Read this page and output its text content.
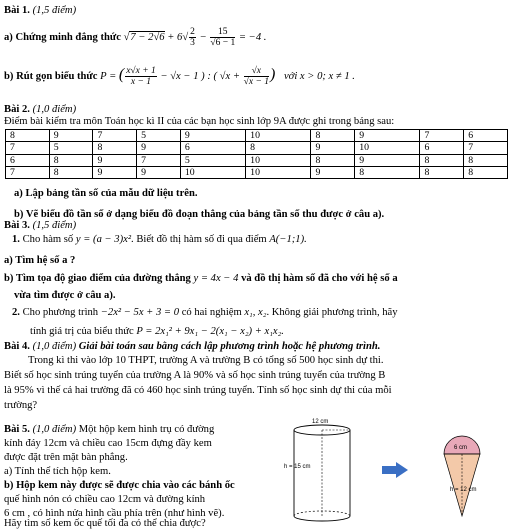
Bài 1. (1,5 điểm)
a) Chứng minh đẳng thức $√7 - 2√6 + 6√ \frac{2}{3} - \frac{15}{√6 - 1} = -4$ .
b) Rút gọn biểu thức P = ( $\frac{x√x + 1}{x - 1} - √x - 1$ ) : ( $√x + \frac{√x}{√x - 1}$ ) với x > 0; x ≠ 1 .
Bài 2. (1,0 điểm)
Điểm bài kiểm tra môn Toán học kì II của các bạn học sinh lớp 9A được ghi trong bảng sau:
8	9	7	5	9	10	8	9	7	6
7	5	8	9	6	8	9	10	6	7
6	8	9	7	5	10	8	9	8	8
7	8	9	9	10	10	9	8	8	8
a) Lập bảng tần số của mẫu dữ liệu trên.
b) Vẽ biểu đồ tần số ở dạng biểu đồ đoạn thẳng của bảng tần số thu được ở câu a).
Bài 3. (1,5 điểm)
1. Cho hàm số y = (a − 3)x². Biết đồ thị hàm số đi qua điểm A(−1;1).
a) Tìm hệ số a ?
b) Tìm tọa độ giao điểm của đường thẳng y = 4x − 4 và đồ thị hàm số đã cho với hệ số a
vừa tìm được ở câu a).
2. Cho phương trình −2x² − 5x + 3 = 0 có hai nghiệm x₁, x₂. Không giải phương trình, hãy
tính giá trị của biểu thức P = 2x₁² + 9x₁ − 2(x₁ − x₂) + x₁x₂.
Bài 4. (1,0 điểm) Giải bài toán sau bằng cách lập phương trình hoặc hệ phương trình.
Trong kì thi vào lớp 10 THPT, trường A và trường B có tổng số 500 học sinh dự thi.
Biết số học sinh trúng tuyển của trường A là 90% và số học sinh trúng tuyển của trường B
là 95% vì thế cả hai trường đã có 460 học sinh trúng tuyển. Tính số học sinh dự thi của mỗi
trường?
Bài 5. (1,0 điểm) Một hộp kem hình trụ có đường
kính đáy 12cm và chiều cao 15cm đựng đầy kem
được đặt trên mặt bàn phẳng.
a) Tính thể tích hộp kem.
b) Hộp kem này được sẽ được chia vào các bánh ốc
quế hình nón có chiều cao 12cm và đường kính
6 cm , có hình nửa hình cầu phía trên (như hình vẽ).
Hãy tìm số kem ốc quế tối đa có thể chia được?
12 cm
h = 15 cm
6 cm
h = 12 cm
